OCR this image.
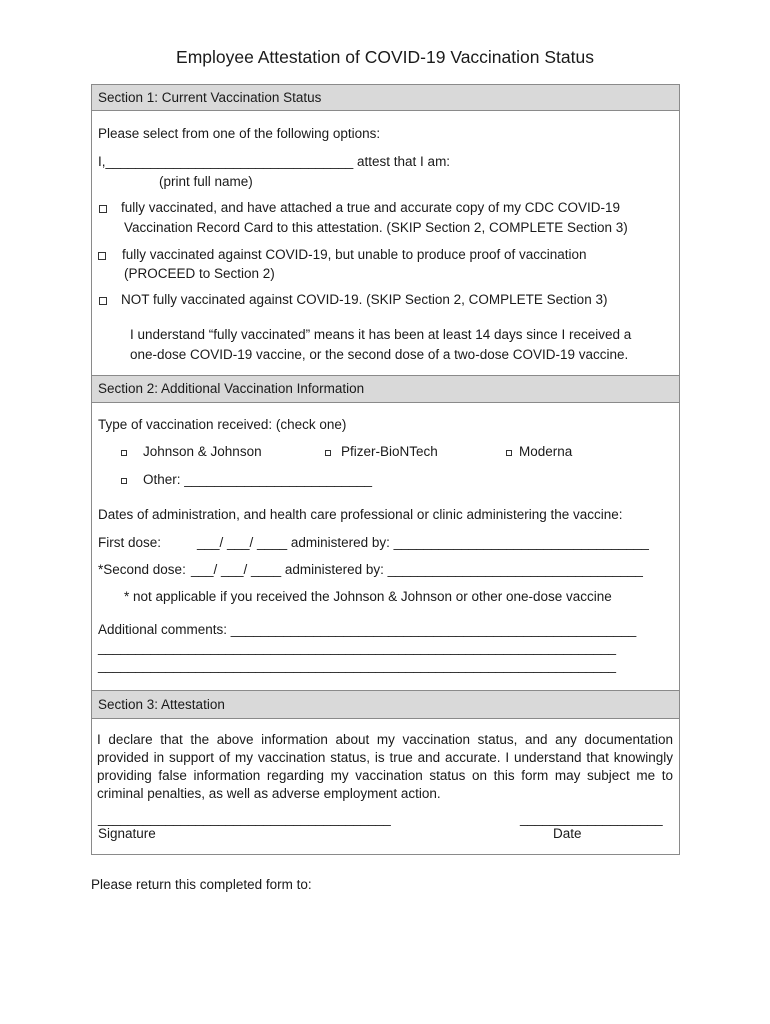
Employee Attestation of COVID-19 Vaccination Status
Section 1: Current Vaccination Status
Please select from one of the following options:
I,_________________________________ attest that I am:
(print full name)
fully vaccinated, and have attached a true and accurate copy of my CDC COVID-19
Vaccination Record Card to this attestation. (SKIP Section 2, COMPLETE Section 3)
fully vaccinated against COVID-19, but unable to produce proof of vaccination
(PROCEED to Section 2)
NOT fully vaccinated against COVID-19. (SKIP Section 2, COMPLETE Section 3)
I understand “fully vaccinated” means it has been at least 14 days since I received a
one-dose COVID-19 vaccine, or the second dose of a two-dose COVID-19 vaccine.
Section 2: Additional Vaccination Information
Type of vaccination received: (check one)
Johnson & Johnson	Pfizer-BioNTech	Moderna
Other: _________________________
Dates of administration, and health care professional or clinic administering the vaccine:
First dose:	___/ ___/ ____ administered by: __________________________________
*Second dose: ___/ ___/ ____ administered by: __________________________________
* not applicable if you received the Johnson & Johnson or other one-dose vaccine
Additional comments: ______________________________________________________
_____________________________________________________________________
_____________________________________________________________________
Section 3: Attestation
I declare that the above information about my vaccination status, and any documentation provided in support of my vaccination status, is true and accurate. I understand that knowingly providing false information regarding my vaccination status on this form may subject me to criminal penalties, as well as adverse employment action.
_______________________________________
Signature
___________________
Date
Please return this completed form to:
